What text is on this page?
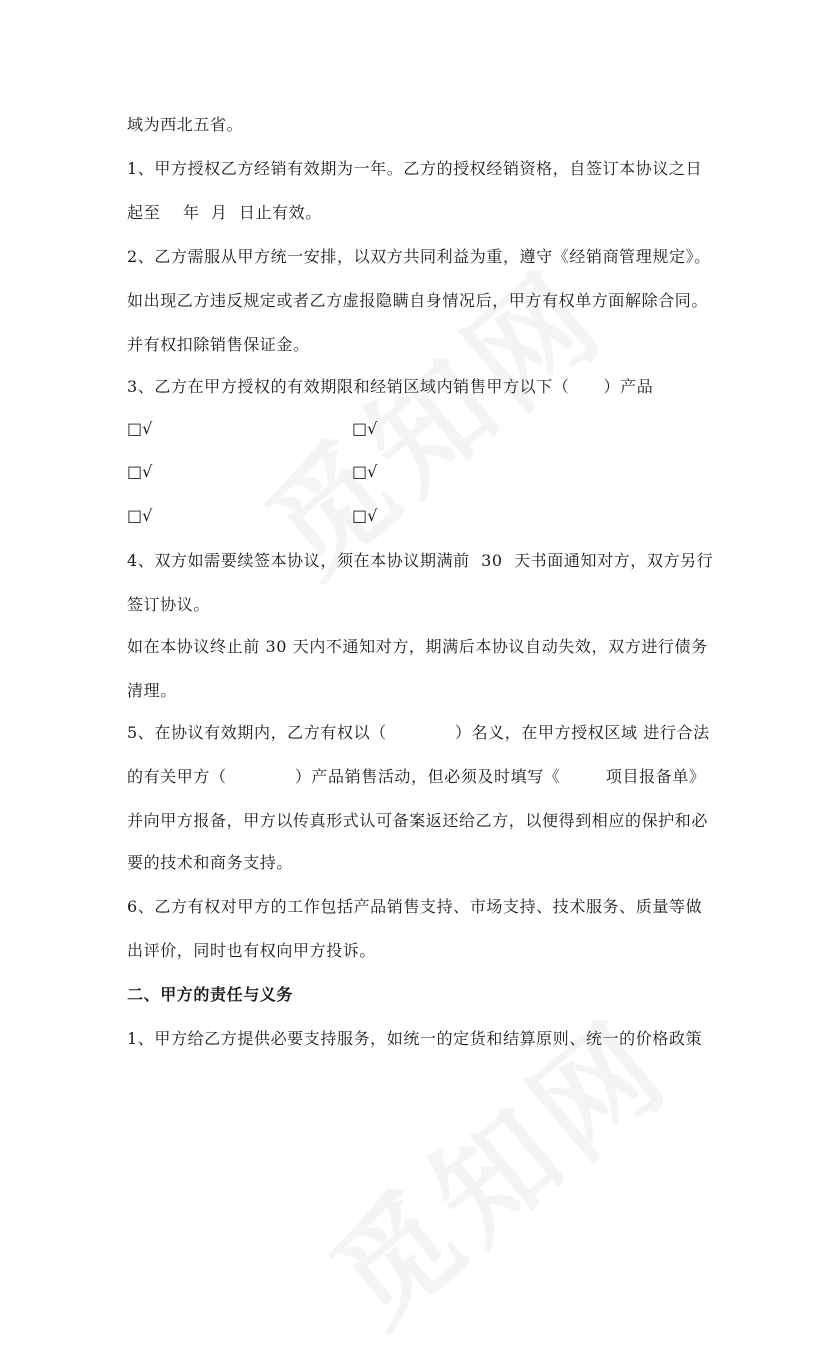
域为西北五省。

1、甲方授权乙方经销有效期为一年。乙方的授权经销资格，自签订本协议之日

起至    年  月  日止有效。

2、乙方需服从甲方统一安排，以双方共同利益为重，遵守《经销商管理规定》。

如出现乙方违反规定或者乙方虚报隐瞒自身情况后，甲方有权单方面解除合同。

并有权扣除销售保证金。

3、乙方在甲方授权的有效期限和经销区域内销售甲方以下（      ）产品

□√	□√
□√	□√
□√	□√

4、双方如需要续签本协议，须在本协议期满前  30  天书面通知对方，双方另行

签订协议。

如在本协议终止前 30 天内不通知对方，期满后本协议自动失效，双方进行债务

清理。

5、在协议有效期内，乙方有权以（            ）名义，在甲方授权区域 进行合法

的有关甲方（            ）产品销售活动，但必须及时填写《        项目报备单》

并向甲方报备，甲方以传真形式认可备案返还给乙方，以便得到相应的保护和必

要的技术和商务支持。

6、乙方有权对甲方的工作包括产品销售支持、市场支持、技术服务、质量等做

出评价，同时也有权向甲方投诉。

二、甲方的责任与义务

1、甲方给乙方提供必要支持服务，如统一的定货和结算原则、统一的价格政策
